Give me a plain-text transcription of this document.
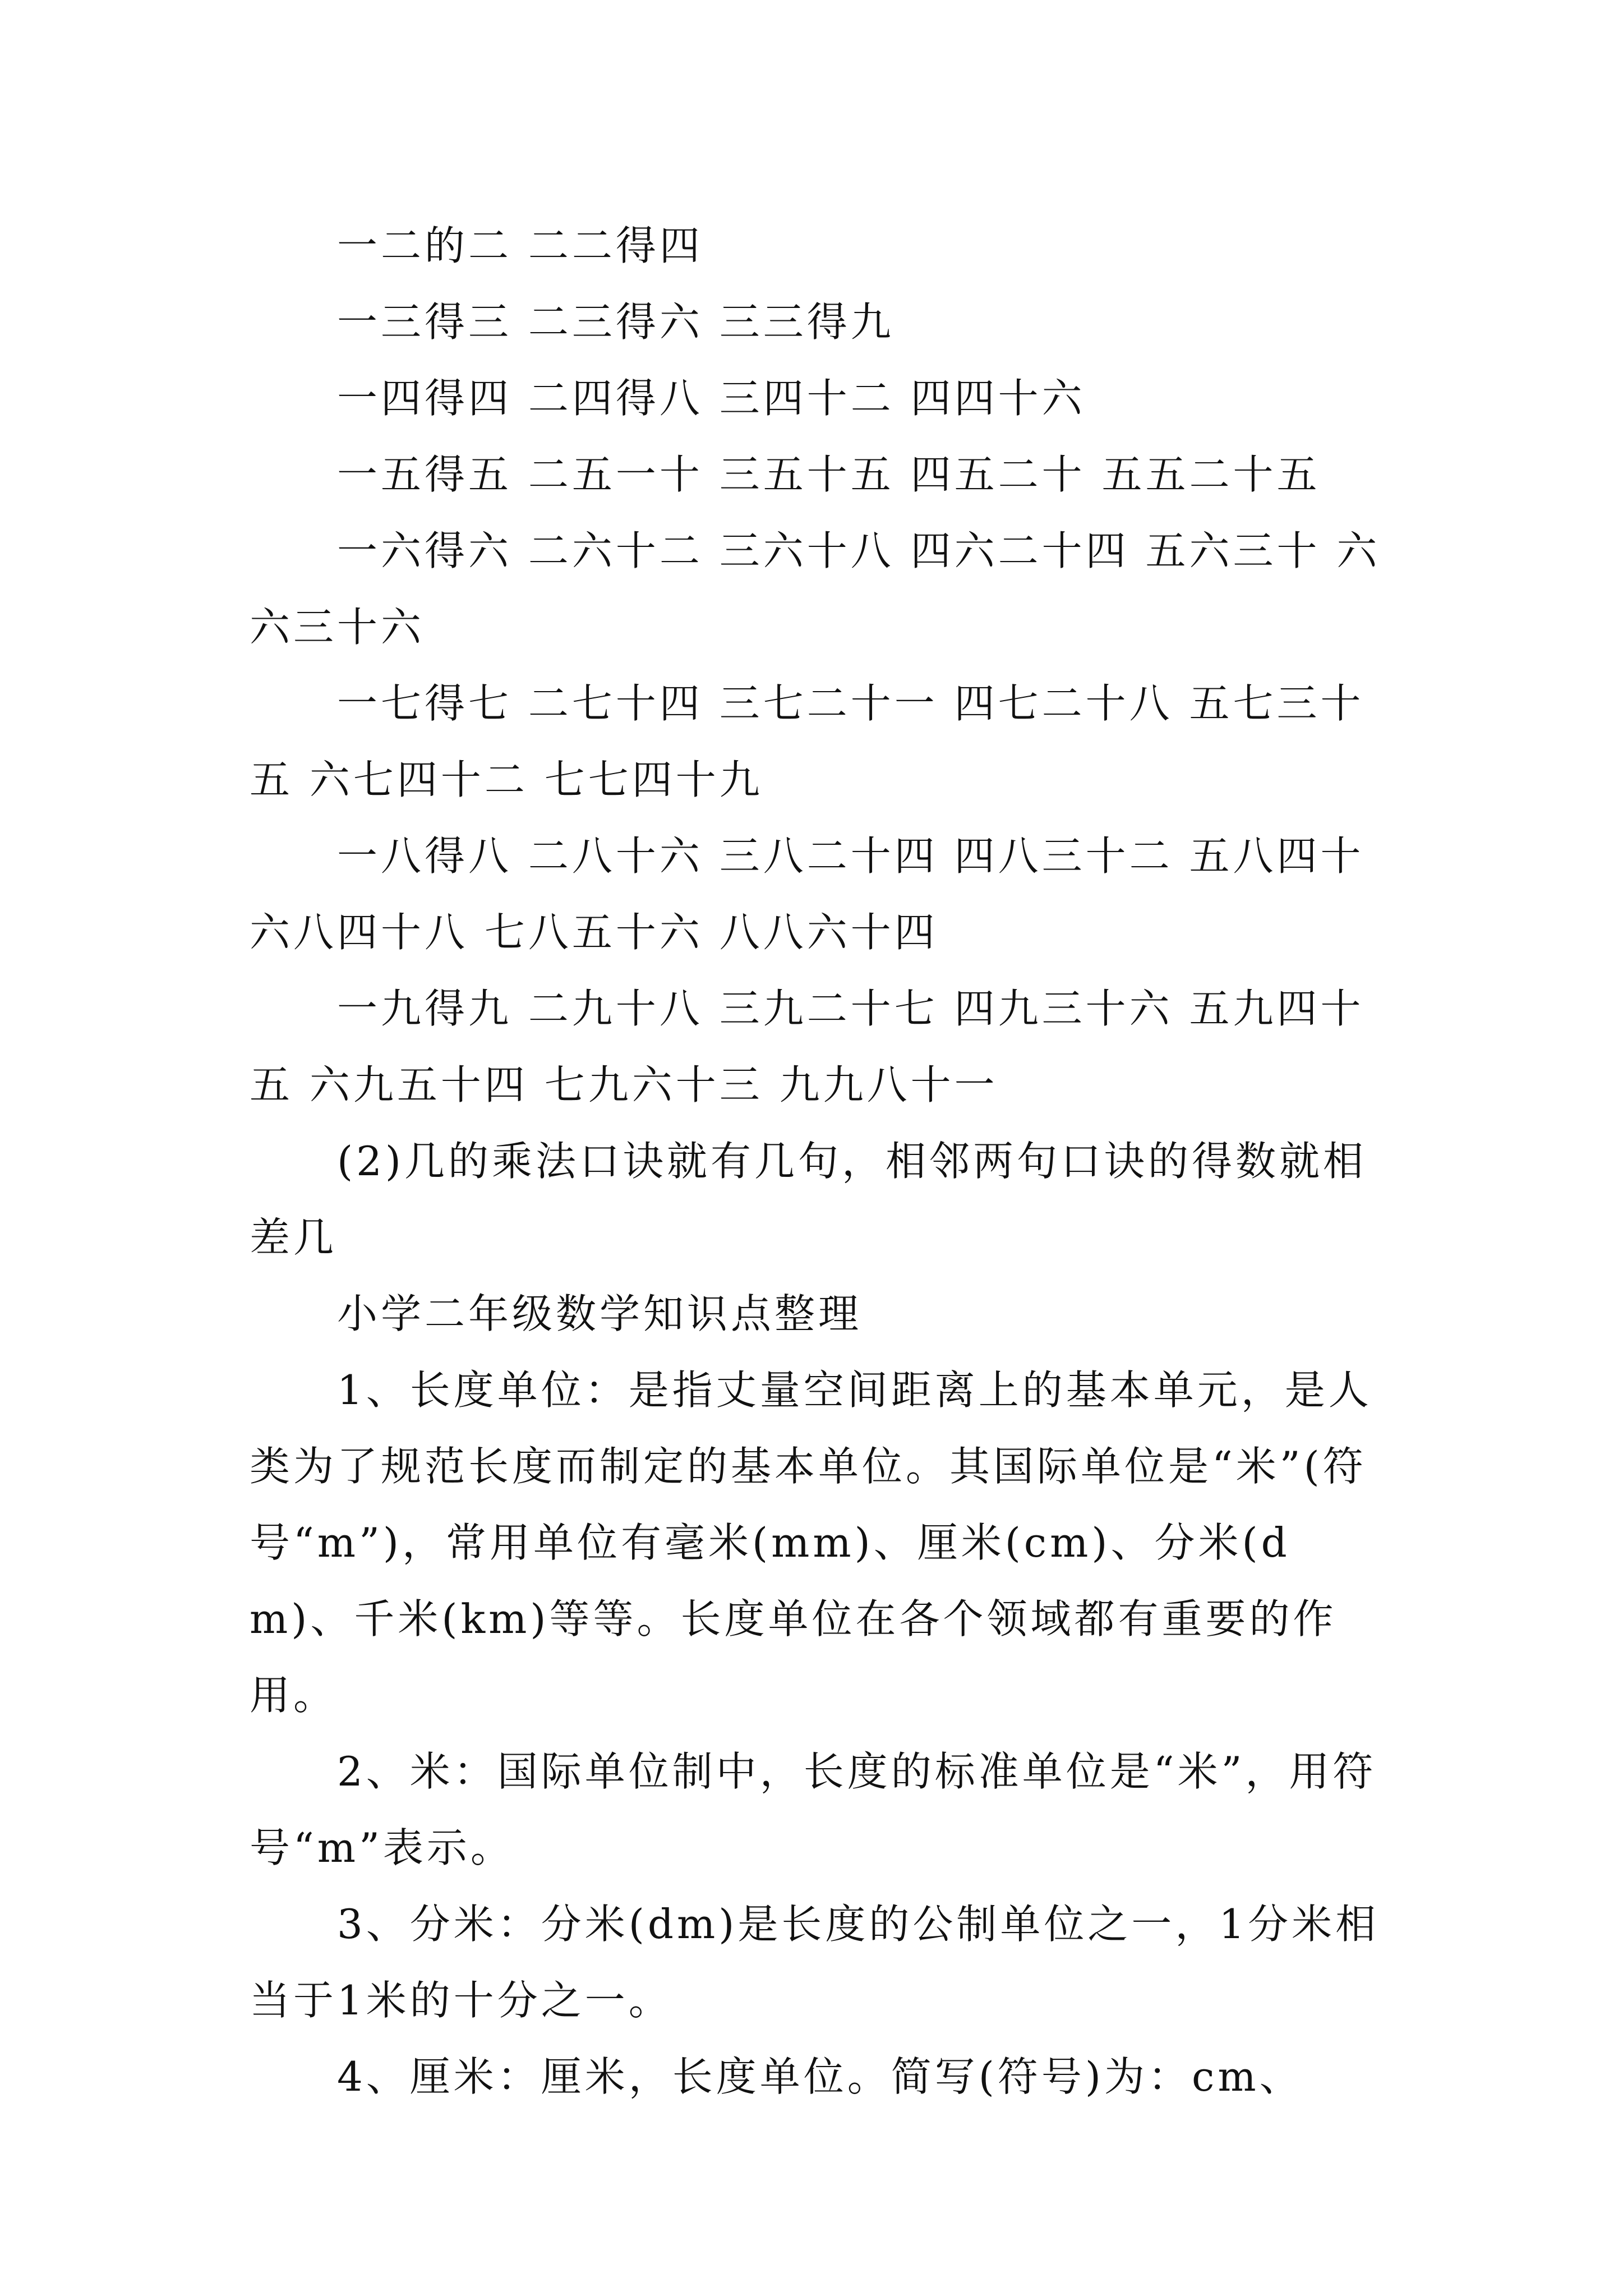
一二的二 二二得四

一三得三 二三得六 三三得九

一四得四 二四得八 三四十二 四四十六

一五得五 二五一十 三五十五 四五二十 五五二十五

一六得六 二六十二 三六十八 四六二十四 五六三十 六六三十六

一七得七 二七十四 三七二十一 四七二十八 五七三十五 六七四十二 七七四十九

一八得八 二八十六 三八二十四 四八三十二 五八四十 六八四十八 七八五十六 八八六十四

一九得九 二九十八 三九二十七 四九三十六 五九四十五 六九五十四 七九六十三 九九八十一

(2)几的乘法口诀就有几句，相邻两句口诀的得数就相差几

小学二年级数学知识点整理

1、长度单位：是指丈量空间距离上的基本单元，是人类为了规范长度而制定的基本单位。其国际单位是“米”(符号“m”)，常用单位有毫米(mm)、厘米(cm)、分米(dm)、千米(km)等等。长度单位在各个领域都有重要的作用。

2、米：国际单位制中，长度的标准单位是“米”，用符号“m”表示。

3、分米：分米(dm)是长度的公制单位之一，1分米相当于1米的十分之一。

4、厘米：厘米，长度单位。简写(符号)为：cm、
